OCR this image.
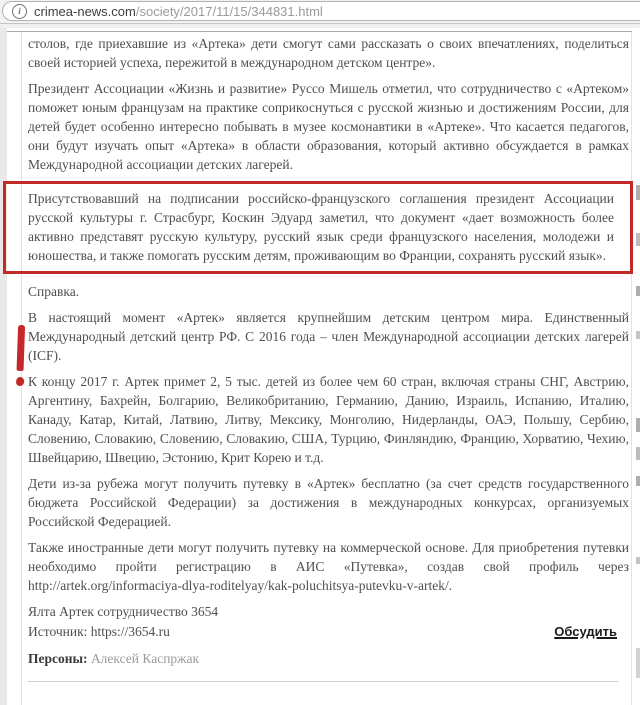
i	crimea-news.com/society/2017/11/15/344831.html

столов, где приехавшие из «Артека» дети смогут сами рассказать о своих впечатлениях, поделиться своей историей успеха, пережитой в международном детском центре».

Президент Ассоциации «Жизнь и развитие» Руссо Мишель отметил, что сотрудничество с «Артеком» поможет юным французам на практике соприкоснуться с русской жизнью и достижениям России, для детей будет особенно интересно побывать в музее космонавтики в «Артеке». Что касается педагогов, они будут изучать опыт «Артека» в области образования, который активно обсуждается в рамках Международной ассоциации детских лагерей.

Присутствовавший на подписании российско-французского соглашения президент Ассоциации русской культуры г. Страсбург, Коскин Эдуард заметил, что документ «дает возможность более активно представят русскую культуру, русский язык среди французского населения, молодежи и юношества, и также помогать русским детям, проживающим во Франции, сохранять русский язык».

Справка.

В настоящий момент «Артек» является крупнейшим детским центром мира. Единственный Международный детский центр РФ. С 2016 года – член Международной ассоциации детских лагерей (ICF).

К концу 2017 г. Артек примет 2, 5 тыс. детей из более чем 60 стран, включая страны СНГ, Австрию, Аргентину, Бахрейн, Болгарию, Великобританию, Германию, Данию, Израиль, Испанию, Италию, Канаду, Катар, Китай, Латвию, Литву, Мексику, Монголию, Нидерланды, ОАЭ, Польшу, Сербию, Словению, Словакию, Словению, Словакию, США, Турцию, Финляндию, Францию, Хорватию, Чехию, Швейцарию, Швецию, Эстонию, Крит Корею и т.д.

Дети из-за рубежа могут получить путевку в «Артек» бесплатно (за счет средств государственного бюджета Российской Федерации) за достижения в международных конкурсах, организуемых Российской Федерацией.

Также иностранные дети могут получить путевку на коммерческой основе. Для приобретения путевки необходимо пройти регистрацию в АИС «Путевка», создав свой профиль через http://artek.org/informaciya-dlya-roditelyay/kak-poluchitsya-putevku-v-artek/.

Ялта Артек сотрудничество 3654

Источник: https://3654.ru	Обсудить

Персоны: Алексей Каспржак
